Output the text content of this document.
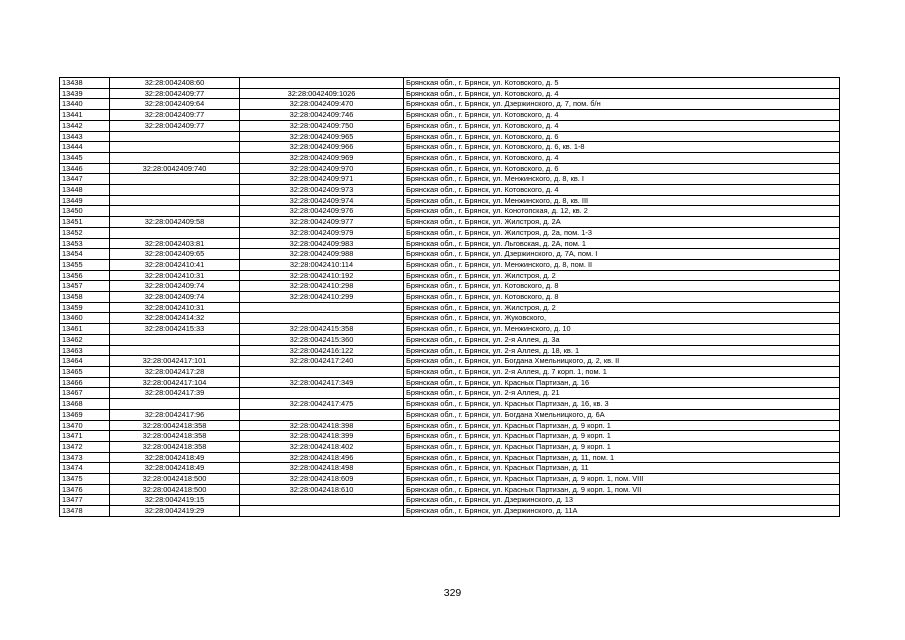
13438	32:28:0042408:60		Брянская обл., г. Брянск, ул. Котовского, д. 5
13439	32:28:0042409:77	32:28:0042409:1026	Брянская обл., г. Брянск, ул. Котовского, д. 4
13440	32:28:0042409:64	32:28:0042409:470	Брянская обл., г. Брянск, ул. Дзержинского, д. 7, пом. б/н
13441	32:28:0042409:77	32:28:0042409:746	Брянская обл., г. Брянск, ул. Котовского, д. 4
13442	32:28:0042409:77	32:28:0042409:750	Брянская обл., г. Брянск, ул. Котовского, д. 4
13443		32:28:0042409:965	Брянская обл., г. Брянск, ул. Котовского, д. 6
13444		32:28:0042409:966	Брянская обл., г. Брянск, ул. Котовского, д. 6, кв. 1-8
13445		32:28:0042409:969	Брянская обл., г. Брянск, ул. Котовского, д. 4
13446	32:28:0042409:740	32:28:0042409:970	Брянская обл., г. Брянск, ул. Котовского, д. 6
13447		32:28:0042409:971	Брянская обл., г. Брянск, ул. Менжинского, д. 8, кв. I
13448		32:28:0042409:973	Брянская обл., г. Брянск, ул. Котовского, д. 4
13449		32:28:0042409:974	Брянская обл., г. Брянск, ул. Менжинского, д. 8, кв. III
13450		32:28:0042409:976	Брянская обл., г. Брянск, ул. Конотопская, д. 12, кв. 2
13451	32:28:0042409:58	32:28:0042409:977	Брянская обл., г. Брянск, ул. Жилстроя, д. 2А
13452		32:28:0042409:979	Брянская обл., г. Брянск, ул. Жилстроя, д. 2а, пом. 1-3
13453	32:28:0042403:81	32:28:0042409:983	Брянская обл., г. Брянск, ул. Льговская, д. 2А, пом. 1
13454	32:28:0042409:65	32:28:0042409:988	Брянская обл., г. Брянск, ул. Дзержинского, д. 7А, пом. I
13455	32:28:0042410:41	32:28:0042410:114	Брянская обл., г. Брянск, ул. Менжинского, д. 8, пом. II
13456	32:28:0042410:31	32:28:0042410:192	Брянская обл., г. Брянск, ул. Жилстроя, д. 2
13457	32:28:0042409:74	32:28:0042410:298	Брянская обл., г. Брянск, ул. Котовского, д. 8
13458	32:28:0042409:74	32:28:0042410:299	Брянская обл., г. Брянск, ул. Котовского, д. 8
13459	32:28:0042410:31		Брянская обл., г. Брянск, ул. Жилстроя, д. 2
13460	32:28:0042414:32		Брянская обл., г. Брянск, ул. Жуковского,
13461	32:28:0042415:33	32:28:0042415:358	Брянская обл., г. Брянск, ул. Менжинского, д. 10
13462		32:28:0042415:360	Брянская обл., г. Брянск, ул. 2-я Аллея, д. 3а
13463		32:28:0042416:122	Брянская обл., г. Брянск, ул. 2-я Аллея, д. 18, кв. 1
13464	32:28:0042417:101	32:28:0042417:240	Брянская обл., г. Брянск, ул. Богдана Хмельницкого, д. 2, кв. II
13465	32:28:0042417:28		Брянская обл., г. Брянск, ул. 2-я Аллея, д. 7 корп. 1, пом. 1
13466	32:28:0042417:104	32:28:0042417:349	Брянская обл., г. Брянск, ул. Красных Партизан, д. 16
13467	32:28:0042417:39		Брянская обл., г. Брянск, ул. 2-я Аллея, д. 21
13468		32:28:0042417:475	Брянская обл., г. Брянск, ул. Красных Партизан, д. 16, кв. 3
13469	32:28:0042417:96		Брянская обл., г. Брянск, ул. Богдана Хмельницкого, д. 6А
13470	32:28:0042418:358	32:28:0042418:398	Брянская обл., г. Брянск, ул. Красных Партизан, д. 9 корп. 1
13471	32:28:0042418:358	32:28:0042418:399	Брянская обл., г. Брянск, ул. Красных Партизан, д. 9 корп. 1
13472	32:28:0042418:358	32:28:0042418:402	Брянская обл., г. Брянск, ул. Красных Партизан, д. 9 корп. 1
13473	32:28:0042418:49	32:28:0042418:496	Брянская обл., г. Брянск, ул. Красных Партизан, д. 11, пом. 1
13474	32:28:0042418:49	32:28:0042418:498	Брянская обл., г. Брянск, ул. Красных Партизан, д. 11
13475	32:28:0042418:500	32:28:0042418:609	Брянская обл., г. Брянск, ул. Красных Партизан, д. 9 корп. 1, пом. VIII
13476	32:28:0042418:500	32:28:0042418:610	Брянская обл., г. Брянск, ул. Красных Партизан, д. 9 корп. 1, пом. VII
13477	32:28:0042419:15		Брянская обл., г. Брянск, ул. Дзержинского, д. 13
13478	32:28:0042419:29		Брянская обл., г. Брянск, ул. Дзержинского, д. 11А
329
